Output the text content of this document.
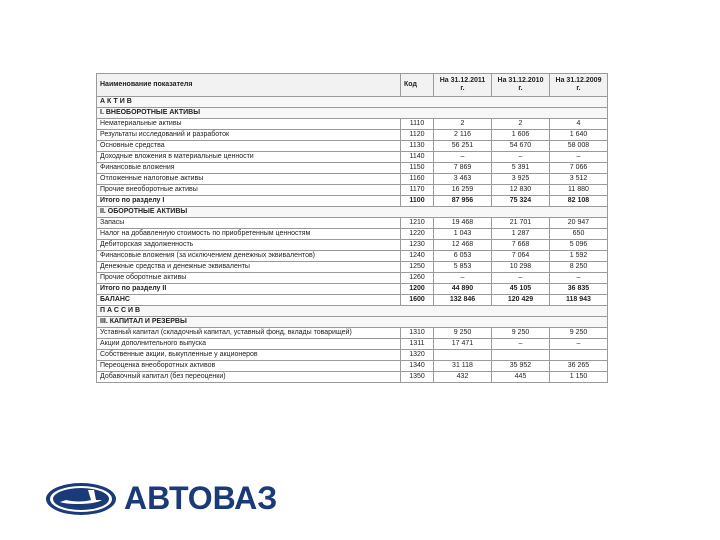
Наименование показателя	Код	На 31.12.2011 г.	На 31.12.2010 г.	На 31.12.2009 г.
АКТИВ				
I. ВНЕОБОРОТНЫЕ АКТИВЫ				
Нематериальные активы	1110	2	2	4
Результаты исследований и разработок	1120	2 116	1 606	1 640
Основные средства	1130	56 251	54 670	58 008
Доходные вложения в материальные ценности	1140	–	–	–
Финансовые вложения	1150	7 869	5 391	7 066
Отложенные налоговые активы	1160	3 463	3 925	3 512
Прочие внеоборотные активы	1170	16 259	12 830	11 880
Итого по разделу I	1100	87 956	75 324	82 108
II. ОБОРОТНЫЕ АКТИВЫ				
Запасы	1210	19 468	21 701	20 947
Налог на добавленную стоимость по приобретенным ценностям	1220	1 043	1 287	650
Дебиторская задолженность	1230	12 468	7 668	5 096
Финансовые вложения (за исключением денежных эквивалентов)	1240	6 053	7 064	1 592
Денежные средства и денежные эквиваленты	1250	5 853	10 298	8 250
Прочие оборотные активы	1260	–	–	–
Итого по разделу II	1200	44 890	45 105	36 835
БАЛАНС	1600	132 846	120 429	118 943
ПАССИВ				
III. КАПИТАЛ И РЕЗЕРВЫ				
Уставный капитал (складочный капитал, уставный фонд, вклады товарищей)	1310	9 250	9 250	9 250
Акции дополнительного выпуска	1311	17 471	–	–
Собственные акции, выкупленные у акционеров	1320			
Переоценка внеоборотных активов	1340	31 118	35 952	36 265
Добавочный капитал (без переоценки)	1350	432	445	1 150
АВТОВАЗ
